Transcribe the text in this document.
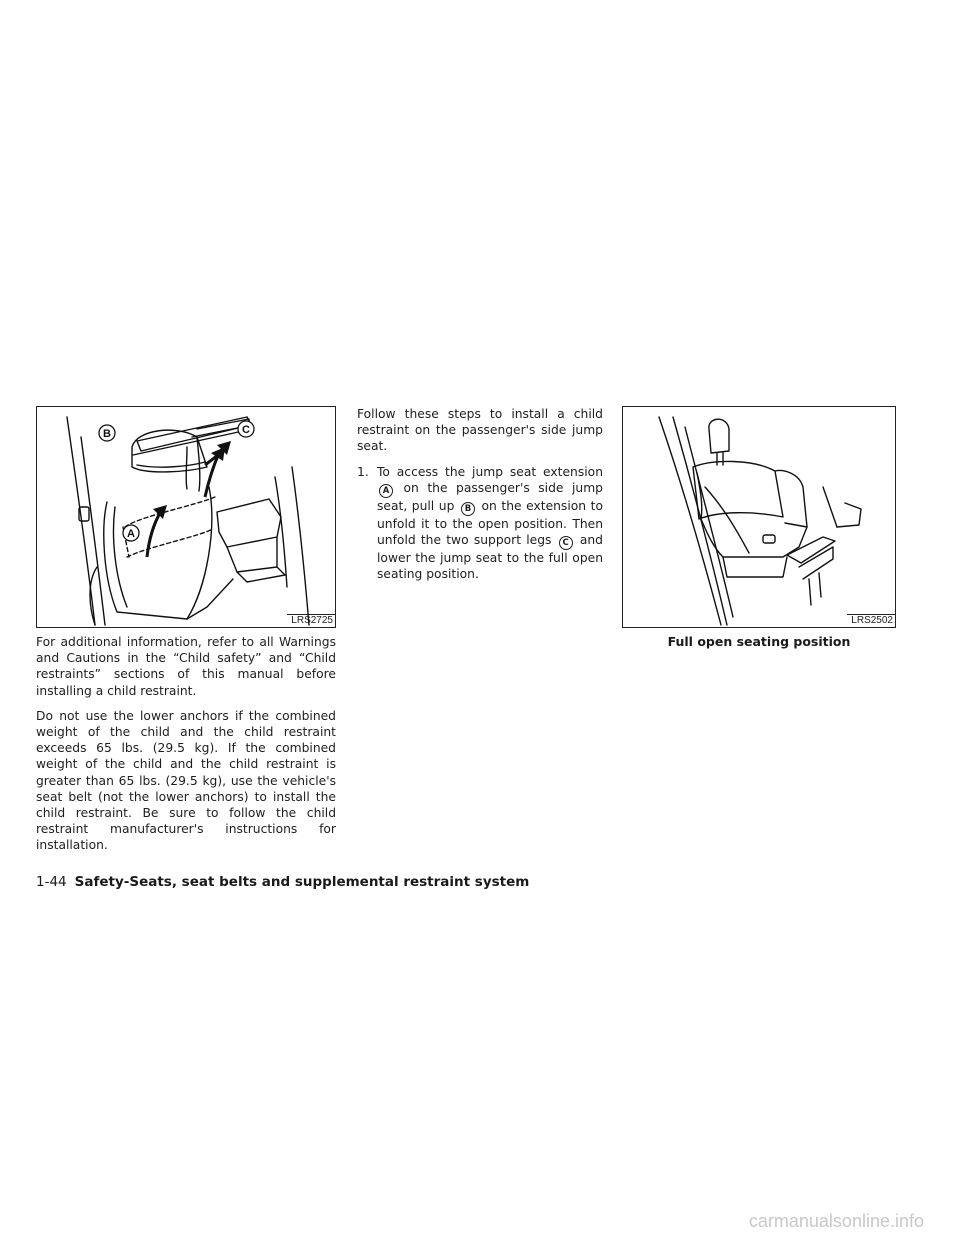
B	C
A
LRS2725

For additional information, refer to all Warnings and Cautions in the “Child safety” and “Child restraints” sections of this manual before installing a child restraint.

Do not use the lower anchors if the combined weight of the child and the child restraint exceeds 65 lbs. (29.5 kg). If the combined weight of the child and the child restraint is greater than 65 lbs. (29.5 kg), use the vehicle's seat belt (not the lower anchors) to install the child restraint. Be sure to follow the child restraint manufacturer's instructions for installation.

Follow these steps to install a child restraint on the passenger's side jump seat.

1. To access the jump seat extension A on the passenger's side jump seat, pull up B on the extension to unfold it to the open position. Then unfold the two support legs C and lower the jump seat to the full open seating position.
LRS2502
Full open seating position
1-44 Safety-Seats, seat belts and supplemental restraint system
carmanualsonline.info
